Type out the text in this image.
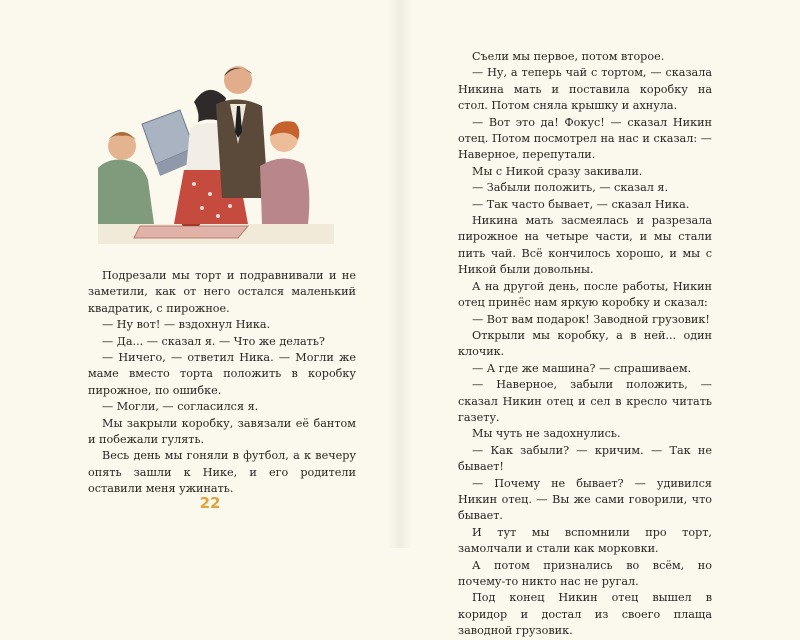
Подрезали мы торт и подравнивали и не заметили, как от него остался маленький квадратик, с пирожное.

— Ну вот! — вздохнул Ника.

— Да... — сказал я. — Что же делать?

— Ничего, — ответил Ника. — Могли же маме вместо торта положить в коробку пирожное, по ошибке.

— Могли, — согласился я.

Мы закрыли коробку, завязали её бантом и побежали гулять.

Весь день мы гоняли в футбол, а к вечеру опять зашли к Нике, и его родители оставили меня ужинать.

22

Съели мы первое, потом второе.

— Ну, а теперь чай с тортом, — сказала Никина мать и поставила коробку на стол. Потом сняла крышку и ахнула.

— Вот это да! Фокус! — сказал Никин отец. Потом посмотрел на нас и сказал: — Наверное, перепутали.

Мы с Никой сразу закивали.

— Забыли положить, — сказал я.

— Так часто бывает, — сказал Ника.

Никина мать засмеялась и разрезала пирожное на четыре части, и мы стали пить чай. Всё кончилось хорошо, и мы с Никой были довольны.

А на другой день, после работы, Никин отец принёс нам яркую коробку и сказал:

— Вот вам подарок! Заводной грузовик!

Открыли мы коробку, а в ней... один клочик.

— А где же машина? — спрашиваем.

— Наверное, забыли положить, — сказал Никин отец и сел в кресло читать газету.

Мы чуть не задохнулись.

— Как забыли? — кричим. — Так не бывает!

— Почему не бывает? — удивился Никин отец. — Вы же сами говорили, что бывает.

И тут мы вспомнили про торт, замолчали и стали как морковки.

А потом признались во всём, но почему-то никто нас не ругал.

Под конец Никин отец вышел в коридор и достал из своего плаща заводной грузовик.
